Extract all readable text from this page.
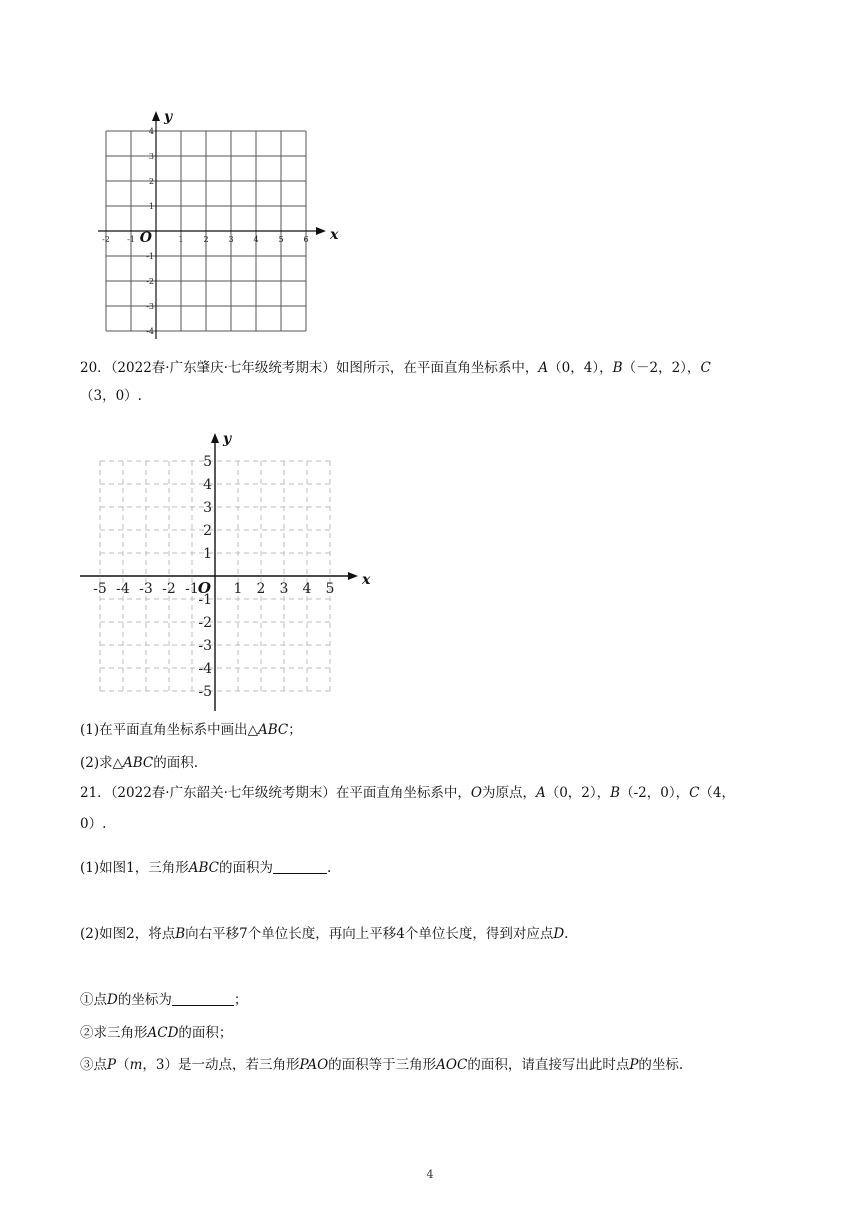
-2 -1	1 2 3 4 5 6
4
3
2
1
-1
-2
-3
-4
O	x
y
20．（2022春·广东肇庆·七年级统考期末）如图所示，在平面直角坐标系中，A（0，4），B（－2，2），C
（3，0）.
-5 -4 -3 -2 -1 1 2 3 4 5
5
4
3
2
1
-1
-2
-3
-4
-5
O	x
y
(1)在平面直角坐标系中画出△ABC；
(2)求△ABC的面积.
21．（2022春·广东韶关·七年级统考期末）在平面直角坐标系中，O为原点，A（0，2），B（-2，0），C（4，
0）.
(1)如图1，三角形ABC的面积为	.
(2)如图2，将点B向右平移7个单位长度，再向上平移4个单位长度，得到对应点D.
①点D的坐标为	；
②求三角形ACD的面积；
③点P（m，3）是一动点，若三角形PAO的面积等于三角形AOC的面积，请直接写出此时点P的坐标.
4
